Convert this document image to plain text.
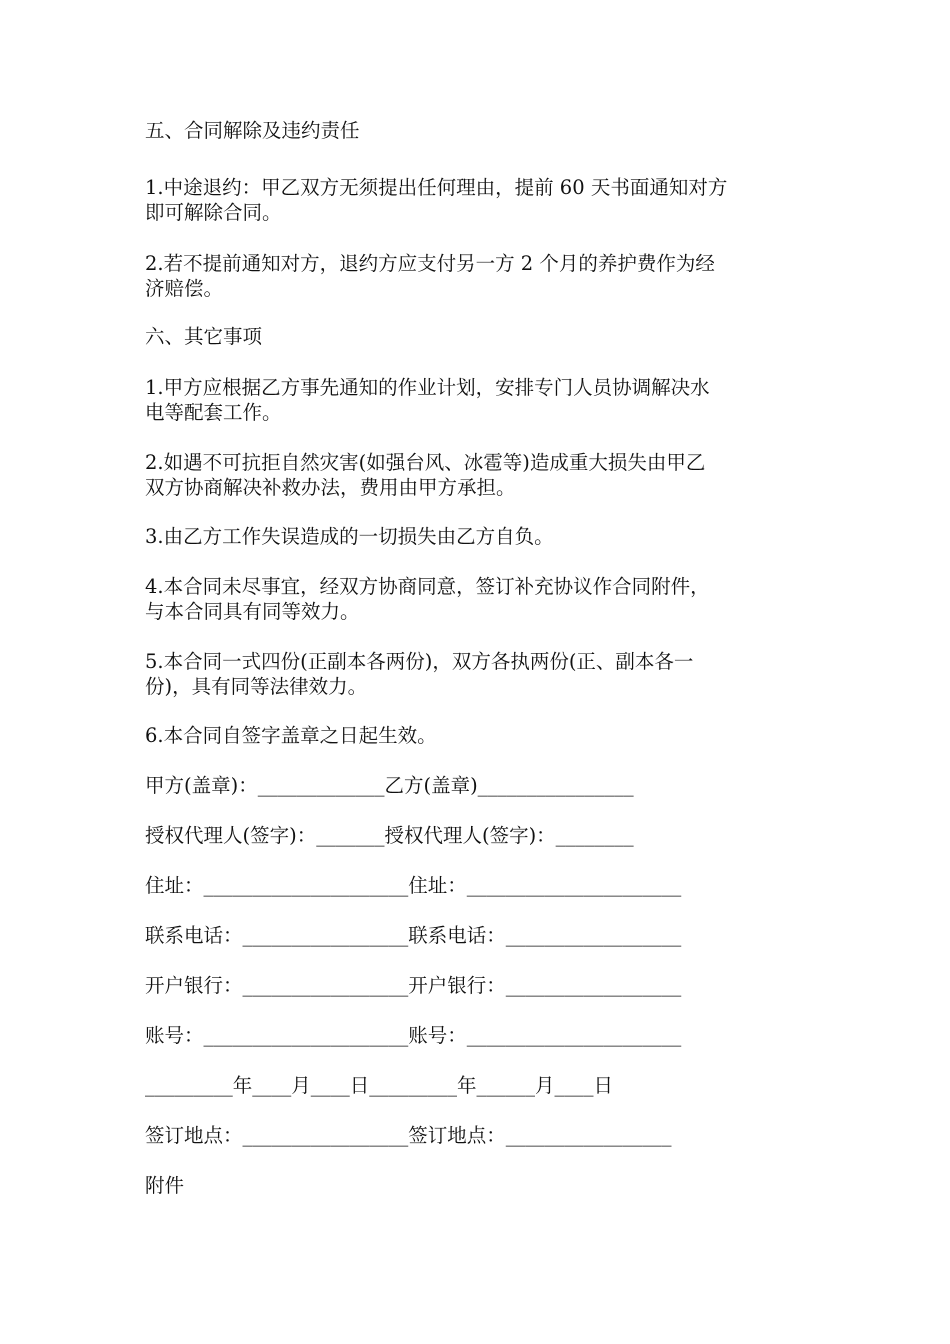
五、合同解除及违约责任
1.中途退约：甲乙双方无须提出任何理由，提前 60 天书面通知对方
即可解除合同。
2.若不提前通知对方，退约方应支付另一方 2 个月的养护费作为经
济赔偿。
六、其它事项
1.甲方应根据乙方事先通知的作业计划，安排专门人员协调解决水
电等配套工作。
2.如遇不可抗拒自然灾害(如强台风、冰雹等)造成重大损失由甲乙
双方协商解决补救办法，费用由甲方承担。
3.由乙方工作失误造成的一切损失由乙方自负。
4.本合同未尽事宜，经双方协商同意，签订补充协议作合同附件，
与本合同具有同等效力。
5.本合同一式四份(正副本各两份)，双方各执两份(正、副本各一
份)，具有同等法律效力。
6.本合同自签字盖章之日起生效。
甲方(盖章)：_____________乙方(盖章)________________
授权代理人(签字)：_______授权代理人(签字)：________
住址：_____________________住址：______________________
联系电话：_________________联系电话：__________________
开户银行：_________________开户银行：__________________
账号：_____________________账号：______________________
_________年____月____日_________年______月____日
签订地点：_________________签订地点：_________________
附件
